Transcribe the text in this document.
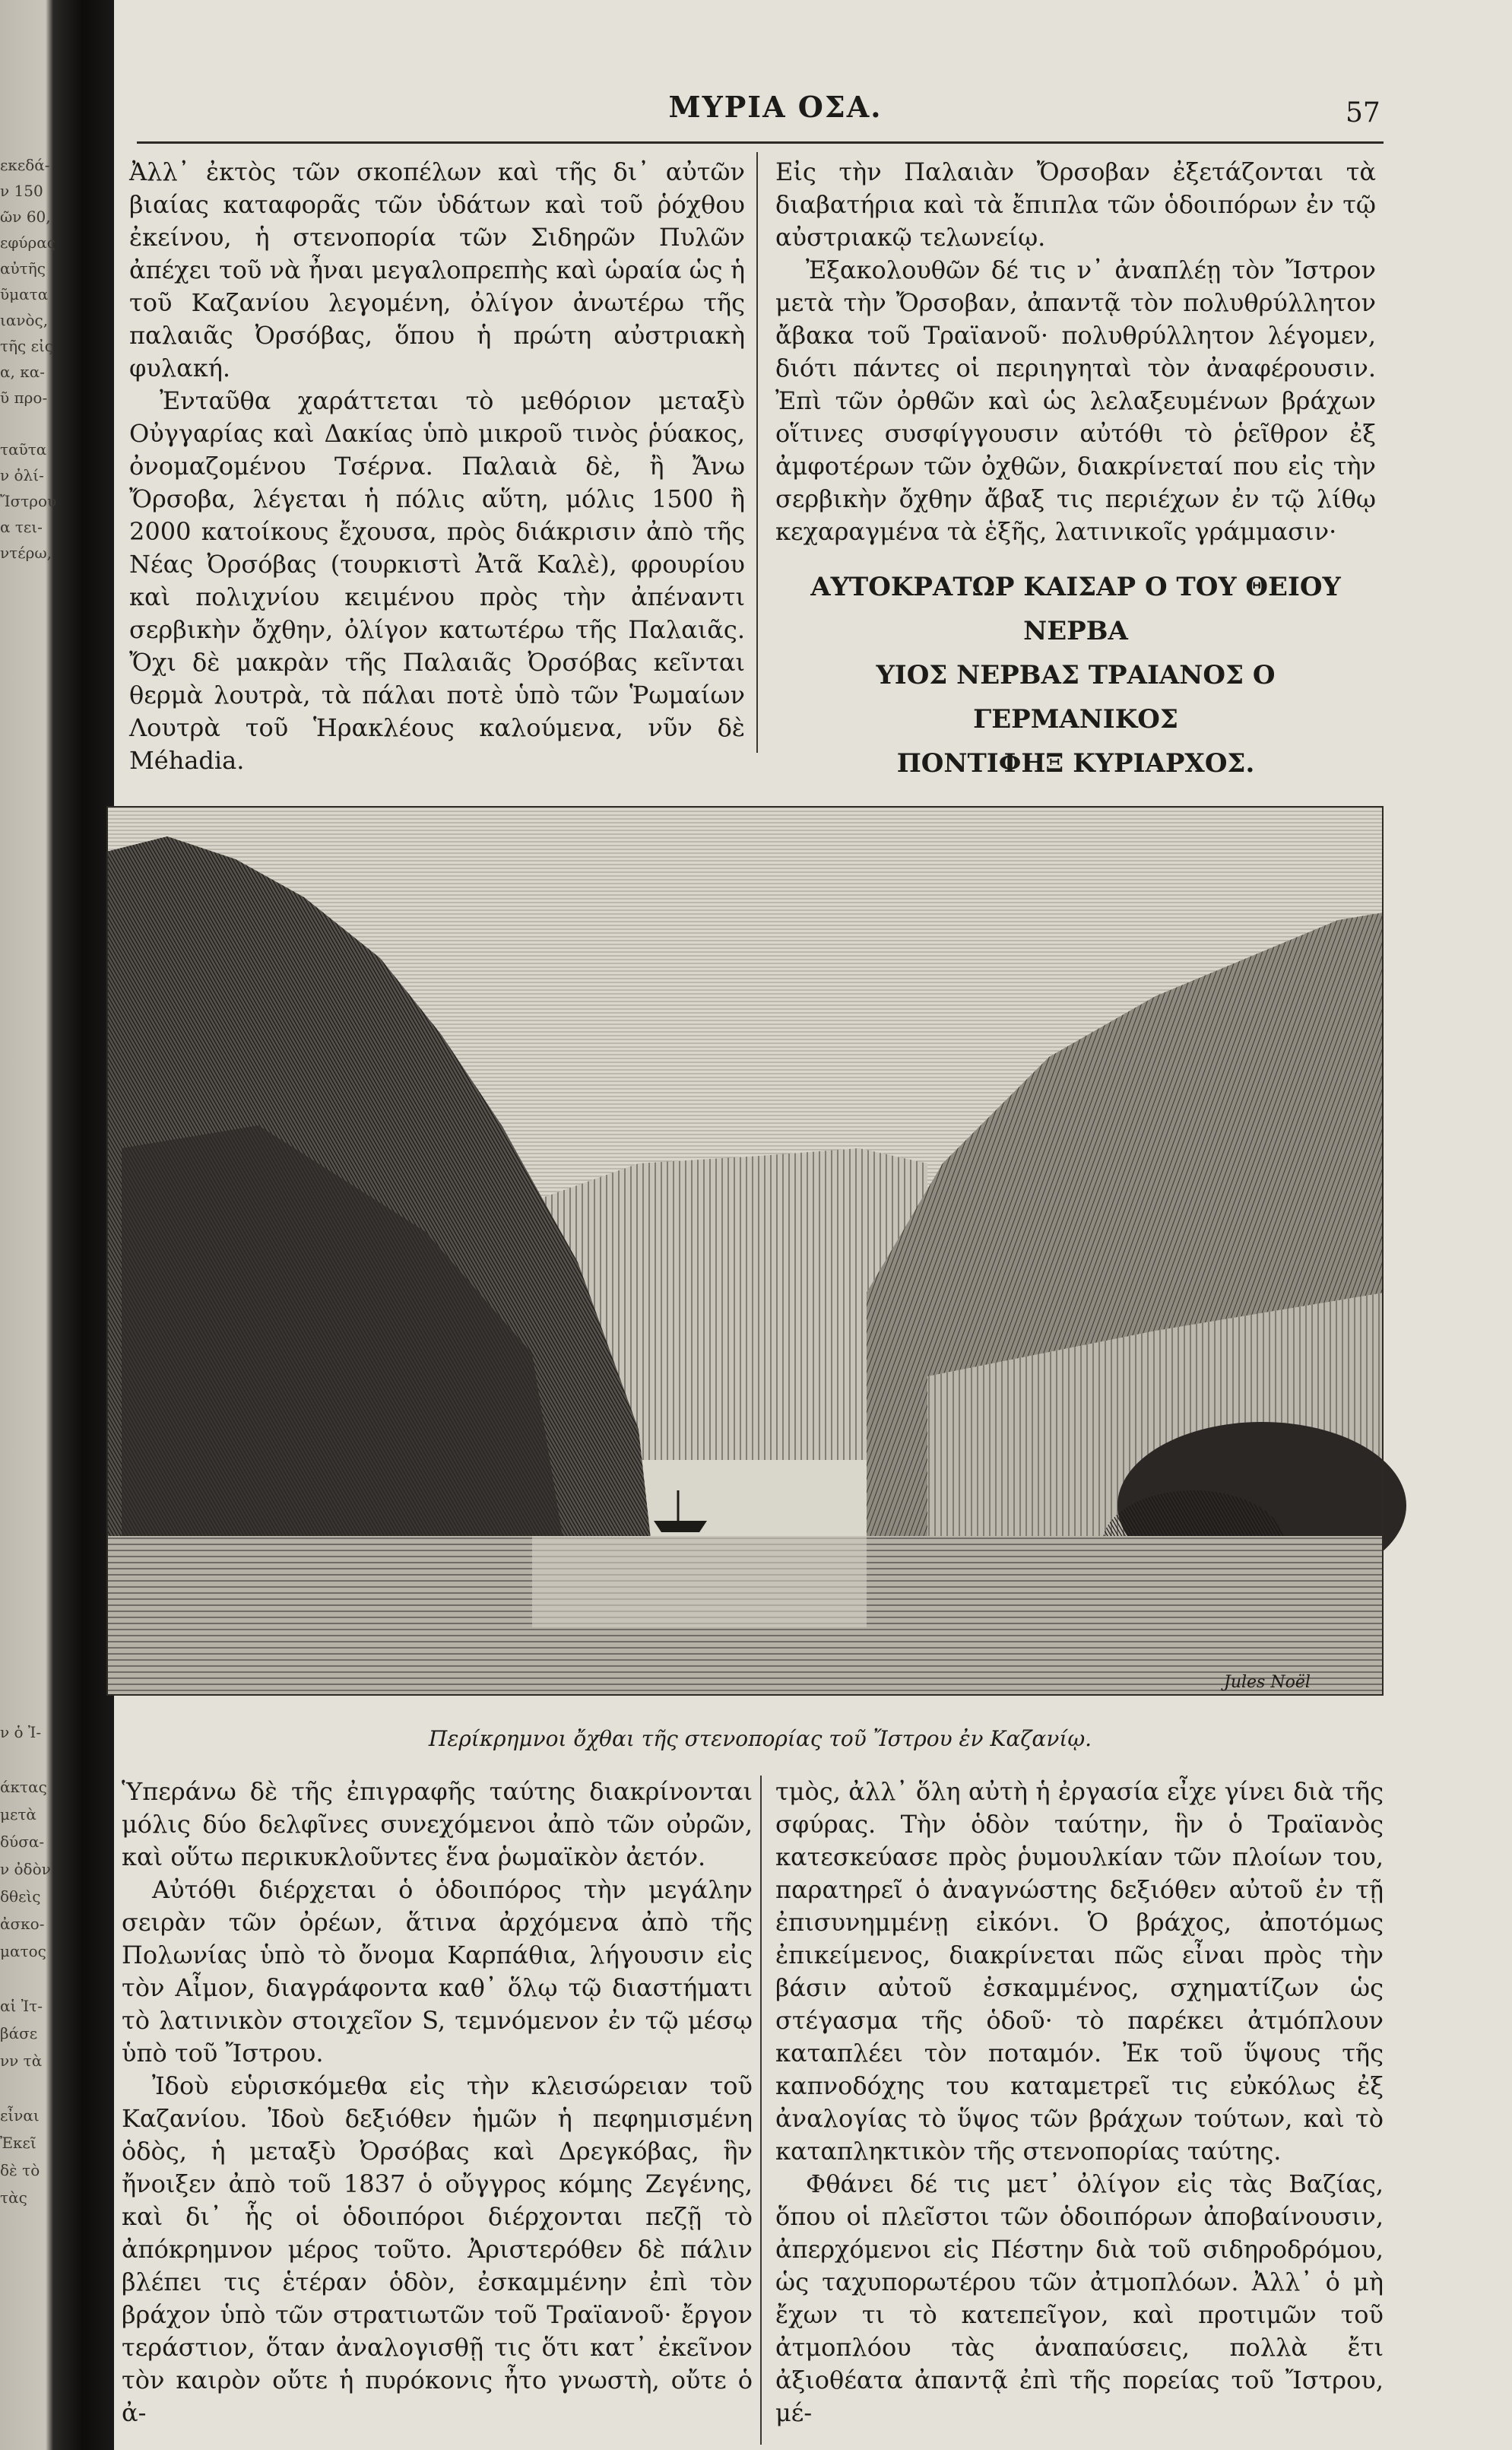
εκεδά-
ν 150
ῶν 60,
εφύρας
αὐτῆς
ῦματα
ιανὸς,
τῆς εἰς
α, κα-
ῦ προ-

ταῦτα
ν ὀλί-
Ἴστρου
α τει-
ντέρω,
ν ὁ Ἰ-

άκτας
μετὰ
δύσα-
ν ὀδὸν
δθεὶς
ἀσκο-
ματος

αἱ Ἰτ-
βάσε
νν τὰ

εἶναι
Ἐκεῖ
δὲ τὸ
τὰς
ΜΥΡΙΑ ΟΣΑ.	57

Ἀλλ᾽ ἐκτὸς τῶν σκοπέλων καὶ τῆς δι᾽ αὐτῶν βιαίας καταφορᾶς τῶν ὑδάτων καὶ τοῦ ῥόχθου ἐκείνου, ἡ στενοπορία τῶν Σιδηρῶν Πυλῶν ἀπέχει τοῦ νὰ ἦναι μεγαλοπρεπὴς καὶ ὡραία ὡς ἡ τοῦ Καζανίου λεγομένη, ὀλίγον ἀνωτέρω τῆς παλαιᾶς Ὀρσόβας, ὅπου ἡ πρώτη αὐστριακὴ φυλακή.

Ἐνταῦθα χαράττεται τὸ μεθόριον μεταξὺ Οὐγγαρίας καὶ Δακίας ὑπὸ μικροῦ τινὸς ῥύακος, ὀνομαζομένου Τσέρνα. Παλαιὰ δὲ, ἢ Ἄνω Ὄρσοβα, λέγεται ἡ πόλις αὕτη, μόλις 1500 ἢ 2000 κατοίκους ἔχουσα, πρὸς διάκρισιν ἀπὸ τῆς Νέας Ὀρσόβας (τουρκιστὶ Ἀτᾶ Καλὲ), φρουρίου καὶ πολιχνίου κειμένου πρὸς τὴν ἀπέναντι σερβικὴν ὄχθην, ὀλίγον κατωτέρω τῆς Παλαιᾶς. Ὄχι δὲ μακρὰν τῆς Παλαιᾶς Ὀρσόβας κεῖνται θερμὰ λουτρὰ, τὰ πάλαι ποτὲ ὑπὸ τῶν Ῥωμαίων Λουτρὰ τοῦ Ἡρακλέους καλούμενα, νῦν δὲ Méhadia.

Εἰς τὴν Παλαιὰν Ὄρσοβαν ἐξετάζονται τὰ διαβατήρια καὶ τὰ ἔπιπλα τῶν ὁδοιπόρων ἐν τῷ αὐστριακῷ τελωνείῳ.

Ἐξακολουθῶν δέ τις ν᾽ ἀναπλέῃ τὸν Ἴστρον μετὰ τὴν Ὄρσοβαν, ἀπαντᾷ τὸν πολυθρύλλητον ἄβακα τοῦ Τραϊανοῦ· πολυθρύλλητον λέγομεν, διότι πάντες οἱ περιηγηταὶ τὸν ἀναφέρουσιν. Ἐπὶ τῶν ὀρθῶν καὶ ὡς λελαξευμένων βράχων οἵτινες συσφίγγουσιν αὐτόθι τὸ ῥεῖθρον ἐξ ἀμφοτέρων τῶν ὀχθῶν, διακρίνεταί που εἰς τὴν σερβικὴν ὄχθην ἄβαξ τις περιέχων ἐν τῷ λίθῳ κεχαραγμένα τὰ ἑξῆς, λατινικοῖς γράμμασιν·

ΑΥΤΟΚΡΑΤΩΡ ΚΑΙΣΑΡ Ο ΤΟΥ ΘΕΙΟΥ ΝΕΡΒΑ
ΥΙΟΣ ΝΕΡΒΑΣ ΤΡΑΙΑΝΟΣ Ο ΓΕΡΜΑΝΙΚΟΣ
ΠΟΝΤΙΦΗΞ ΚΥΡΙΑΡΧΟΣ.
Jules Noël
Περίκρημνοι ὄχθαι τῆς στενοπορίας τοῦ Ἴστρου ἐν Καζανίῳ.

Ὑπεράνω δὲ τῆς ἐπιγραφῆς ταύτης διακρίνονται μόλις δύο δελφῖνες συνεχόμενοι ἀπὸ τῶν οὐρῶν, καὶ οὕτω περικυκλοῦντες ἕνα ῥωμαϊκὸν ἀετόν.

Αὐτόθι διέρχεται ὁ ὁδοιπόρος τὴν μεγάλην σειρὰν τῶν ὀρέων, ἅτινα ἀρχόμενα ἀπὸ τῆς Πολωνίας ὑπὸ τὸ ὄνομα Καρπάθια, λήγουσιν εἰς τὸν Αἶμον, διαγράφοντα καθ᾽ ὅλῳ τῷ διαστήματι τὸ λατινικὸν στοιχεῖον S, τεμνόμενον ἐν τῷ μέσῳ ὑπὸ τοῦ Ἴστρου.

Ἰδοὺ εὑρισκόμεθα εἰς τὴν κλεισώρειαν τοῦ Καζανίου. Ἰδοὺ δεξιόθεν ἡμῶν ἡ πεφημισμένη ὁδὸς, ἡ μεταξὺ Ὀρσόβας καὶ Δρεγκόβας, ἣν ἤνοιξεν ἀπὸ τοῦ 1837 ὁ οὔγγρος κόμης Ζεγένης, καὶ δι᾽ ἧς οἱ ὁδοιπόροι διέρχονται πεζῇ τὸ ἀπόκρημνον μέρος τοῦτο. Ἀριστερόθεν δὲ πάλιν βλέπει τις ἑτέραν ὁδὸν, ἐσκαμμένην ἐπὶ τὸν βράχον ὑπὸ τῶν στρατιωτῶν τοῦ Τραϊανοῦ· ἔργον τεράστιον, ὅταν ἀναλογισθῇ τις ὅτι κατ᾽ ἐκεῖνον τὸν καιρὸν οὔτε ἡ πυρόκονις ἦτο γνωστὴ, οὔτε ὁ ἀ-

τμὸς, ἀλλ᾽ ὅλη αὐτὴ ἡ ἐργασία εἶχε γίνει διὰ τῆς σφύρας. Τὴν ὁδὸν ταύτην, ἣν ὁ Τραϊανὸς κατεσκεύασε πρὸς ῥυμουλκίαν τῶν πλοίων του, παρατηρεῖ ὁ ἀναγνώστης δεξιόθεν αὐτοῦ ἐν τῇ ἐπισυνημμένῃ εἰκόνι. Ὁ βράχος, ἀποτόμως ἐπικείμενος, διακρίνεται πῶς εἶναι πρὸς τὴν βάσιν αὐτοῦ ἐσκαμμένος, σχηματίζων ὡς στέγασμα τῆς ὁδοῦ· τὸ παρέκει ἀτμόπλουν καταπλέει τὸν ποταμόν. Ἐκ τοῦ ὕψους τῆς καπνοδόχης του καταμετρεῖ τις εὐκόλως ἐξ ἀναλογίας τὸ ὕψος τῶν βράχων τούτων, καὶ τὸ καταπληκτικὸν τῆς στενοπορίας ταύτης.

Φθάνει δέ τις μετ᾽ ὀλίγον εἰς τὰς Βαζίας, ὅπου οἱ πλεῖστοι τῶν ὁδοιπόρων ἀποβαίνουσιν, ἀπερχόμενοι εἰς Πέστην διὰ τοῦ σιδηροδρόμου, ὡς ταχυπορωτέρου τῶν ἀτμοπλόων. Ἀλλ᾽ ὁ μὴ ἔχων τι τὸ κατεπεῖγον, καὶ προτιμῶν τοῦ ἀτμοπλόου τὰς ἀναπαύσεις, πολλὰ ἔτι ἀξιοθέατα ἀπαντᾷ ἐπὶ τῆς πορείας τοῦ Ἴστρου, μέ-
